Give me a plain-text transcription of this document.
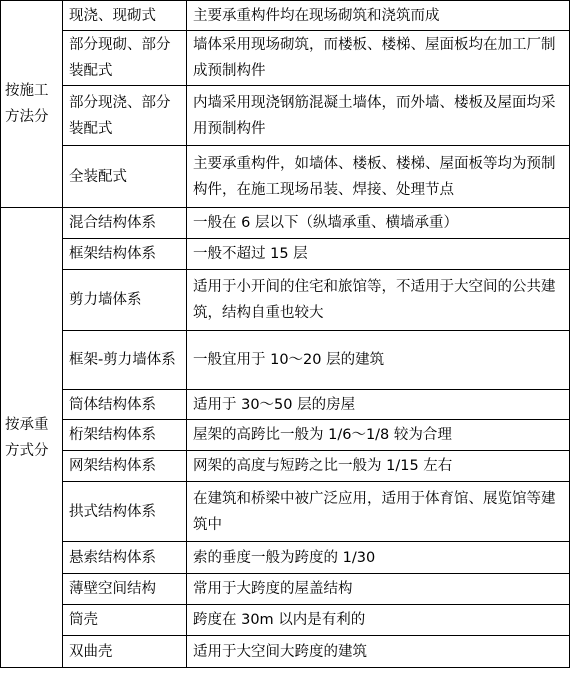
按施工方法分	现浇、现砌式	主要承重构件均在现场砌筑和浇筑而成
	部分现砌、部分装配式	墙体采用现场砌筑，而楼板、楼梯、屋面板均在加工厂制成预制构件
	部分现浇、部分装配式	内墙采用现浇钢筋混凝土墙体，而外墙、楼板及屋面均采用预制构件
	全装配式	主要承重构件，如墙体、楼板、楼梯、屋面板等均为预制构件，在施工现场吊装、焊接、处理节点
按承重方式分	混合结构体系	一般在 6 层以下（纵墙承重、横墙承重）
	框架结构体系	一般不超过 15 层
	剪力墙体系	适用于小开间的住宅和旅馆等，不适用于大空间的公共建筑，结构自重也较大
	框架-剪力墙体系	一般宜用于 10～20 层的建筑
	筒体结构体系	适用于 30～50 层的房屋
	桁架结构体系	屋架的高跨比一般为 1/6～1/8 较为合理
	网架结构体系	网架的高度与短跨之比一般为 1/15 左右
	拱式结构体系	在建筑和桥梁中被广泛应用，适用于体育馆、展览馆等建筑中
	悬索结构体系	索的垂度一般为跨度的 1/30
	薄壁空间结构	常用于大跨度的屋盖结构
	筒壳	跨度在 30m 以内是有利的
	双曲壳	适用于大空间大跨度的建筑
